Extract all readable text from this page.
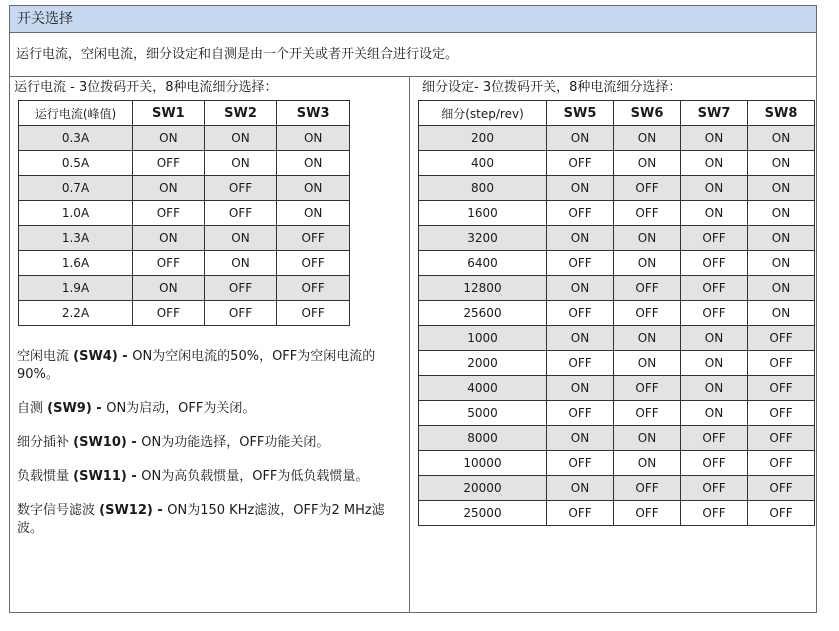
开关选择
运行电流，空闲电流，细分设定和自测是由一个开关或者开关组合进行设定。
运行电流 - 3位拨码开关，8种电流细分选择：
运行电流(峰值)	SW1	SW2	SW3
0.3A	ON	ON	ON
0.5A	OFF	ON	ON
0.7A	ON	OFF	ON
1.0A	OFF	OFF	ON
1.3A	ON	ON	OFF
1.6A	OFF	ON	OFF
1.9A	ON	OFF	OFF
2.2A	OFF	OFF	OFF

空闲电流 (SW4) - ON为空闲电流的50%，OFF为空闲电流的90%。

自测 (SW9) - ON为启动，OFF为关闭。

细分插补 (SW10) - ON为功能选择，OFF功能关闭。

负载惯量 (SW11) - ON为高负载惯量，OFF为低负载惯量。

数字信号滤波 (SW12) - ON为150 KHz滤波，OFF为2 MHz滤波。

细分设定- 3位拨码开关，8种电流细分选择：
细分(step/rev)	SW5	SW6	SW7	SW8
200	ON	ON	ON	ON
400	OFF	ON	ON	ON
800	ON	OFF	ON	ON
1600	OFF	OFF	ON	ON
3200	ON	ON	OFF	ON
6400	OFF	ON	OFF	ON
12800	ON	OFF	OFF	ON
25600	OFF	OFF	OFF	ON
1000	ON	ON	ON	OFF
2000	OFF	ON	ON	OFF
4000	ON	OFF	ON	OFF
5000	OFF	OFF	ON	OFF
8000	ON	ON	OFF	OFF
10000	OFF	ON	OFF	OFF
20000	ON	OFF	OFF	OFF
25000	OFF	OFF	OFF	OFF
